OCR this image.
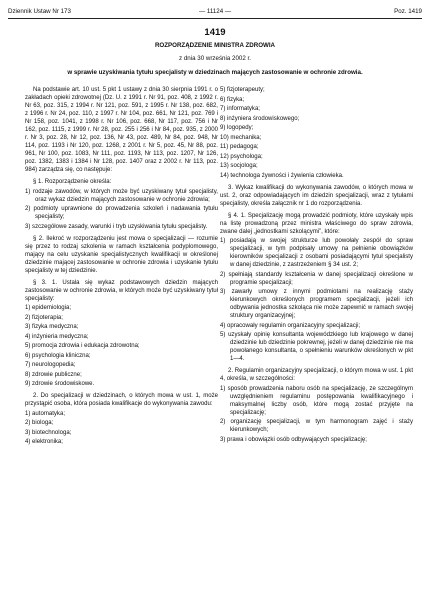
Dziennik Ustaw Nr 173	— 11124 —	Poz. 1419
1419
ROZPORZĄDZENIE MINISTRA ZDROWIA
z dnia 30 września 2002 r.
w sprawie uzyskiwania tytułu specjalisty w dziedzinach mających zastosowanie w ochronie zdrowia.

Na podstawie art. 10 ust. 5 pkt 1 ustawy z dnia 30 sierpnia 1991 r. o zakładach opieki zdrowotnej (Dz. U. z 1991 r. Nr 91, poz. 408, z 1992 r. Nr 63, poz. 315, z 1994 r. Nr 121, poz. 591, z 1995 r. Nr 138, poz. 682, z 1996 r. Nr 24, poz. 110, z 1997 r. Nr 104, poz. 661, Nr 121, poz. 769 i Nr 158, poz. 1041, z 1998 r. Nr 106, poz. 668, Nr 117, poz. 756 i Nr 162, poz. 1115, z 1999 r. Nr 28, poz. 255 i 256 i Nr 84, poz. 935, z 2000 r. Nr 3, poz. 28, Nr 12, poz. 136, Nr 43, poz. 489, Nr 84, poz. 948, Nr 114, poz. 1193 i Nr 120, poz. 1268, z 2001 r. Nr 5, poz. 45, Nr 88, poz. 961, Nr 100, poz. 1083, Nr 111, poz. 1193, Nr 113, poz. 1207, Nr 126, poz. 1382, 1383 i 1384 i Nr 128, poz. 1407 oraz z 2002 r. Nr 113, poz. 984) zarządza się, co następuje:

§ 1. Rozporządzenie określa:

1) rodzaje zawodów, w których może być uzyskiwany tytuł specjalisty, oraz wykaz dziedzin mających zastosowanie w ochronie zdrowia;

2) podmioty uprawnione do prowadzenia szkoleń i nadawania tytułu specjalisty;

3) szczegółowe zasady, warunki i tryb uzyskiwania tytułu specjalisty.

§ 2. Ilekroć w rozporządzeniu jest mowa o specjalizacji — rozumie się przez to rodzaj szkolenia w ramach kształcenia podyplomowego, mający na celu uzyskanie specjalistycznych kwalifikacji w określonej dziedzinie mającej zastosowanie w ochronie zdrowia i uzyskanie tytułu specjalisty w tej dziedzinie.

§ 3. 1. Ustala się wykaz podstawowych dziedzin mających zastosowanie w ochronie zdrowia, w których może być uzyskiwany tytuł specjalisty:

1) epidemiologia;

2) fizjoterapia;

3) fizyka medyczna;

4) inżynieria medyczna;

5) promocja zdrowia i edukacja zdrowotna;

6) psychologia kliniczna;

7) neurologopedia;

8) zdrowie publiczne;

9) zdrowie środowiskowe.

2. Do specjalizacji w dziedzinach, o których mowa w ust. 1, może przystąpić osoba, która posiada kwalifikacje do wykonywania zawodu:

1) automatyka;

2) biologa;

3) biotechnologa;

4) elektronika;

5) fizjoterapeuty;

6) fizyka;

7) informatyka;

8) inżyniera środowiskowego;

9) logopedy;

10) mechanika;

11) pedagoga;

12) psychologa;

13) socjologa;

14) technologa żywności i żywienia człowieka.

3. Wykaz kwalifikacji do wykonywania zawodów, o których mowa w ust. 2, oraz odpowiadających im dziedzin specjalizacji, wraz z tytułami specjalisty, określa załącznik nr 1 do rozporządzenia.

§ 4. 1. Specjalizację mogą prowadzić podmioty, które uzyskały wpis na listę prowadzoną przez ministra właściwego do spraw zdrowia, zwane dalej „jednostkami szkolącymi”, które:

1) posiadają w swojej strukturze lub powołały zespół do spraw specjalizacji, w tym podpisały umowy na pełnienie obowiązków kierowników specjalizacji z osobami posiadającymi tytuł specjalisty w danej dziedzinie, z zastrzeżeniem § 34 ust. 2;

2) spełniają standardy kształcenia w danej specjalizacji określone w programie specjalizacji;

3) zawarły umowy z innymi podmiotami na realizację staży kierunkowych określonych programem specjalizacji, jeżeli ich odbywania jednostka szkoląca nie może zapewnić w ramach swojej struktury organizacyjnej;

4) opracowały regulamin organizacyjny specjalizacji;

5) uzyskały opinię konsultanta wojewódzkiego lub krajowego w danej dziedzinie lub dziedzinie pokrewnej, jeżeli w danej dziedzinie nie ma powołanego konsultanta, o spełnieniu warunków określonych w pkt 1—4.

2. Regulamin organizacyjny specjalizacji, o którym mowa w ust. 1 pkt 4, określa, w szczególności:

1) sposób prowadzenia naboru osób na specjalizację, ze szczególnym uwzględnieniem regulaminu postępowania kwalifikacyjnego i maksymalnej liczby osób, które mogą zostać przyjęte na specjalizację;

2) organizację specjalizacji, w tym harmonogram zajęć i staży kierunkowych;

3) prawa i obowiązki osób odbywających specjalizację;
